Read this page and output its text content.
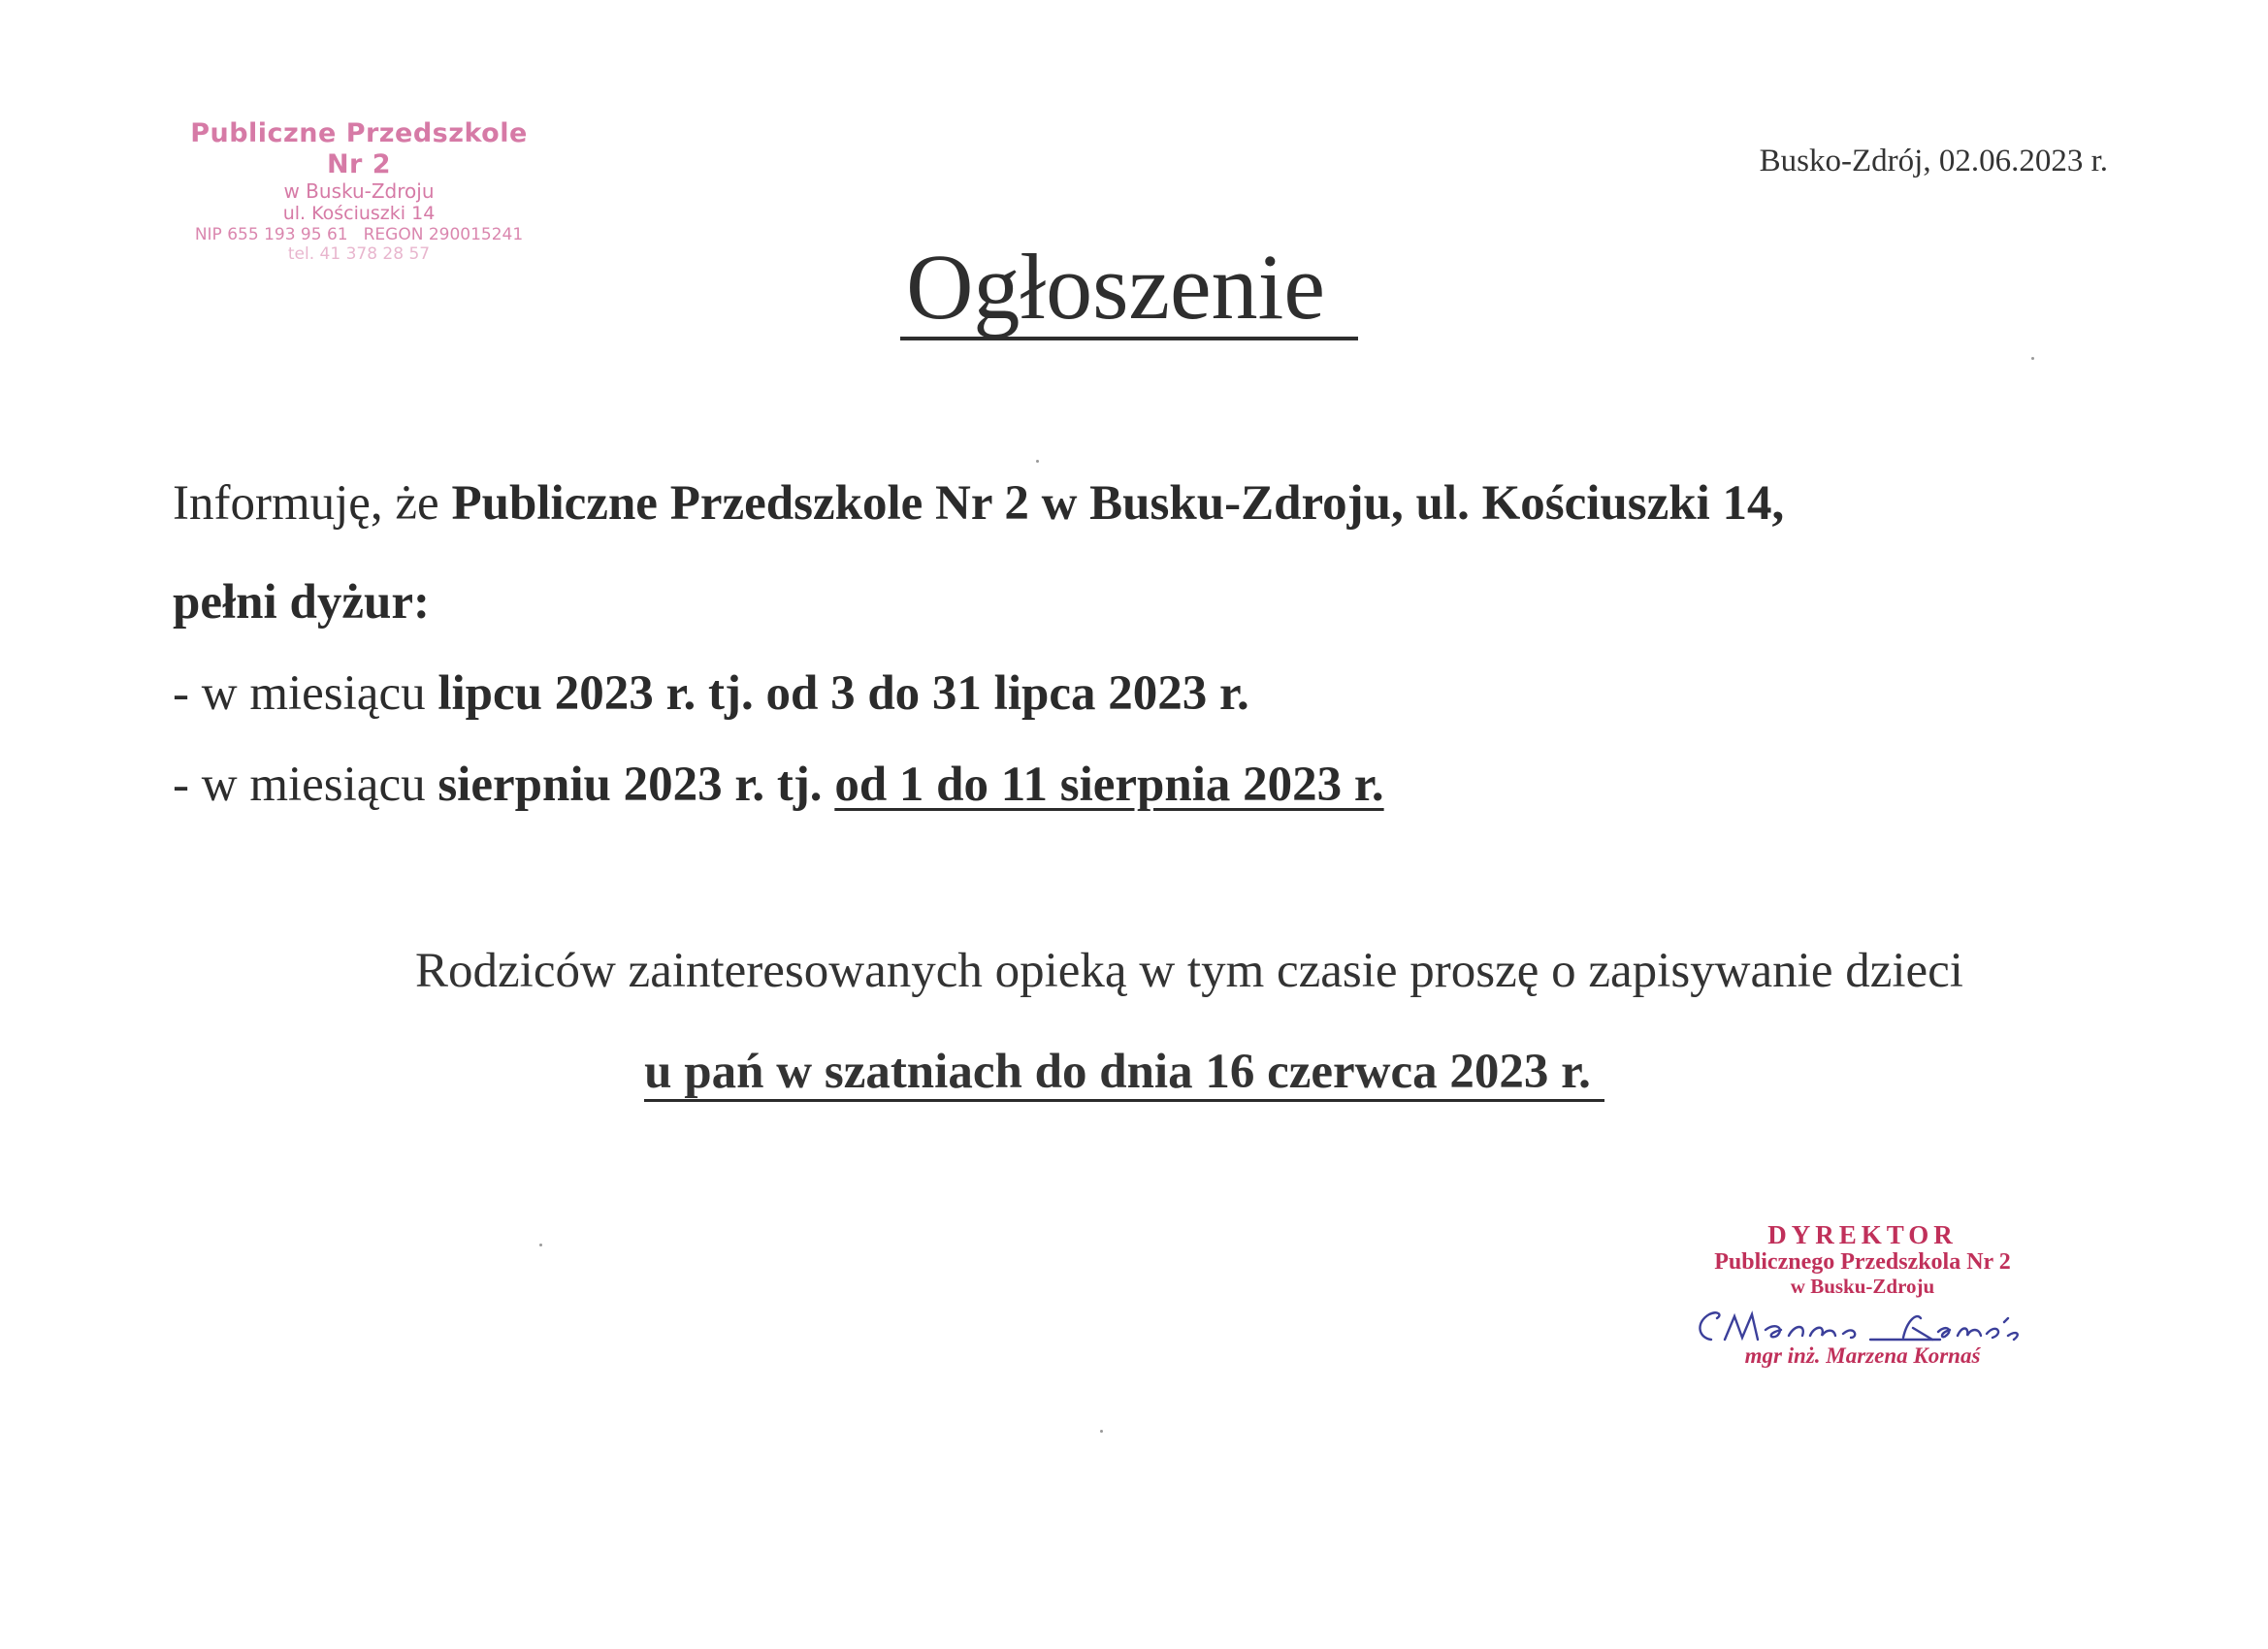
Publiczne Przedszkole Nr 2
w Busku-Zdroju
ul. Kościuszki 14
NIP 655 193 95 61 REGON 290015241
tel. 41 378 28 57
Busko-Zdrój, 02.06.2023 r.
Ogłoszenie
Informuję, że Publiczne Przedszkole Nr 2 w Busku-Zdroju, ul. Kościuszki 14,
pełni dyżur:
- w miesiącu lipcu 2023 r. tj. od 3 do 31 lipca 2023 r.
- w miesiącu sierpniu 2023 r. tj. od 1 do 11 sierpnia 2023 r.
Rodziców zainteresowanych opieką w tym czasie proszę o zapisywanie dzieci
u pań w szatniach do dnia 16 czerwca 2023 r.
DYREKTOR
Publicznego Przedszkola Nr 2
w Busku-Zdroju
mgr inż. Marzena Kornaś
